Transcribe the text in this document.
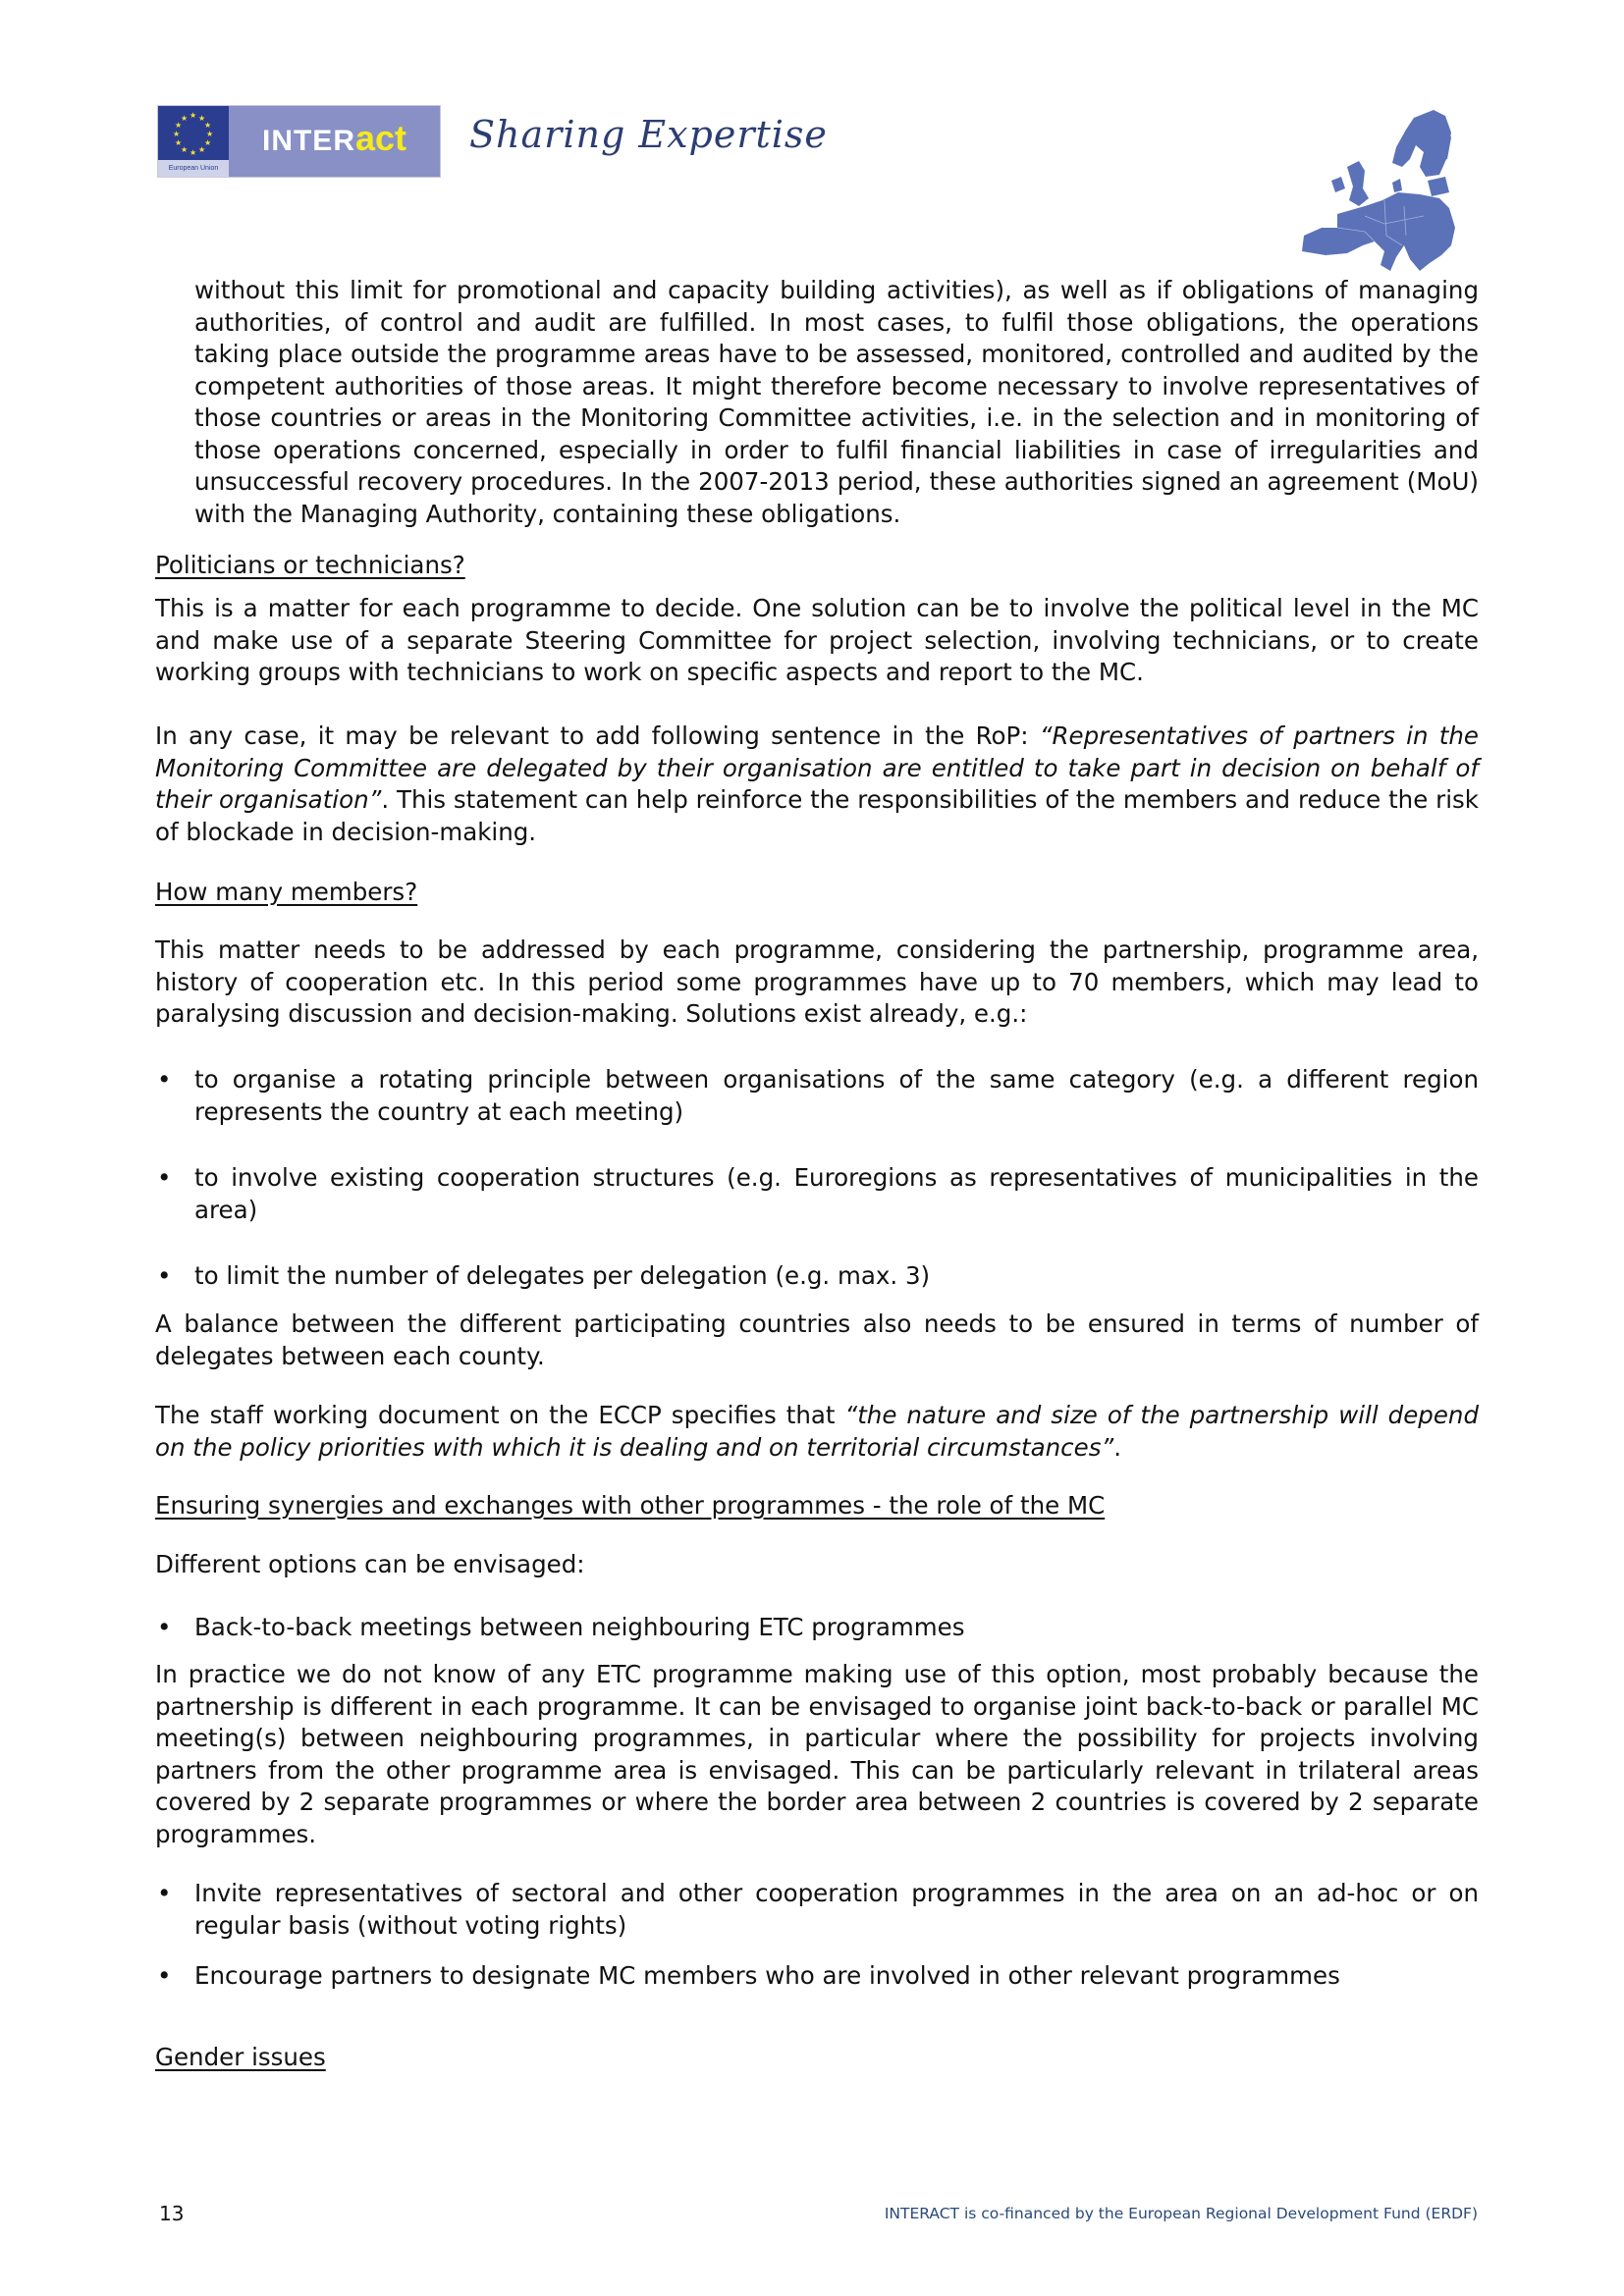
★ ★
★
★
★
★
★
★
★
★
★
★
European Union
INTER act Sharing Expertise

without this limit for promotional and capacity building activities), as well as if obligations of managing authorities, of control and audit are fulfilled. In most cases, to fulfil those obligations, the operations taking place outside the programme areas have to be assessed, monitored, controlled and audited by the competent authorities of those areas. It might therefore become necessary to involve representatives of those countries or areas in the Monitoring Committee activities, i.e. in the selection and in monitoring of those operations concerned, especially in order to fulfil financial liabilities in case of irregularities and unsuccessful recovery procedures. In the 2007-2013 period, these authorities signed an agreement (MoU) with the Managing Authority, containing these obligations.

Politicians or technicians?

This is a matter for each programme to decide. One solution can be to involve the political level in the MC and make use of a separate Steering Committee for project selection, involving technicians, or to create working groups with technicians to work on specific aspects and report to the MC.

In any case, it may be relevant to add following sentence in the RoP: “Representatives of partners in the Monitoring Committee are delegated by their organisation are entitled to take part in decision on behalf of their organisation”. This statement can help reinforce the responsibilities of the members and reduce the risk of blockade in decision-making.

How many members?

This matter needs to be addressed by each programme, considering the partnership, programme area, history of cooperation etc. In this period some programmes have up to 70 members, which may lead to paralysing discussion and decision-making. Solutions exist already, e.g.:

• to organise a rotating principle between organisations of the same category (e.g. a different region represents the country at each meeting)
• to involve existing cooperation structures (e.g. Euroregions as representatives of municipalities in the area)
• to limit the number of delegates per delegation (e.g. max. 3)

A balance between the different participating countries also needs to be ensured in terms of number of delegates between each county.

The staff working document on the ECCP specifies that “the nature and size of the partnership will depend on the policy priorities with which it is dealing and on territorial circumstances”.

Ensuring synergies and exchanges with other programmes - the role of the MC

Different options can be envisaged:

• Back-to-back meetings between neighbouring ETC programmes

In practice we do not know of any ETC programme making use of this option, most probably because the partnership is different in each programme. It can be envisaged to organise joint back-to-back or parallel MC meeting(s) between neighbouring programmes, in particular where the possibility for projects involving partners from the other programme area is envisaged. This can be particularly relevant in trilateral areas covered by 2 separate programmes or where the border area between 2 countries is covered by 2 separate programmes.

• Invite representatives of sectoral and other cooperation programmes in the area on an ad-hoc or on regular basis (without voting rights)
• Encourage partners to designate MC members who are involved in other relevant programmes

Gender issues

13	INTERACT is co-financed by the European Regional Development Fund (ERDF)
